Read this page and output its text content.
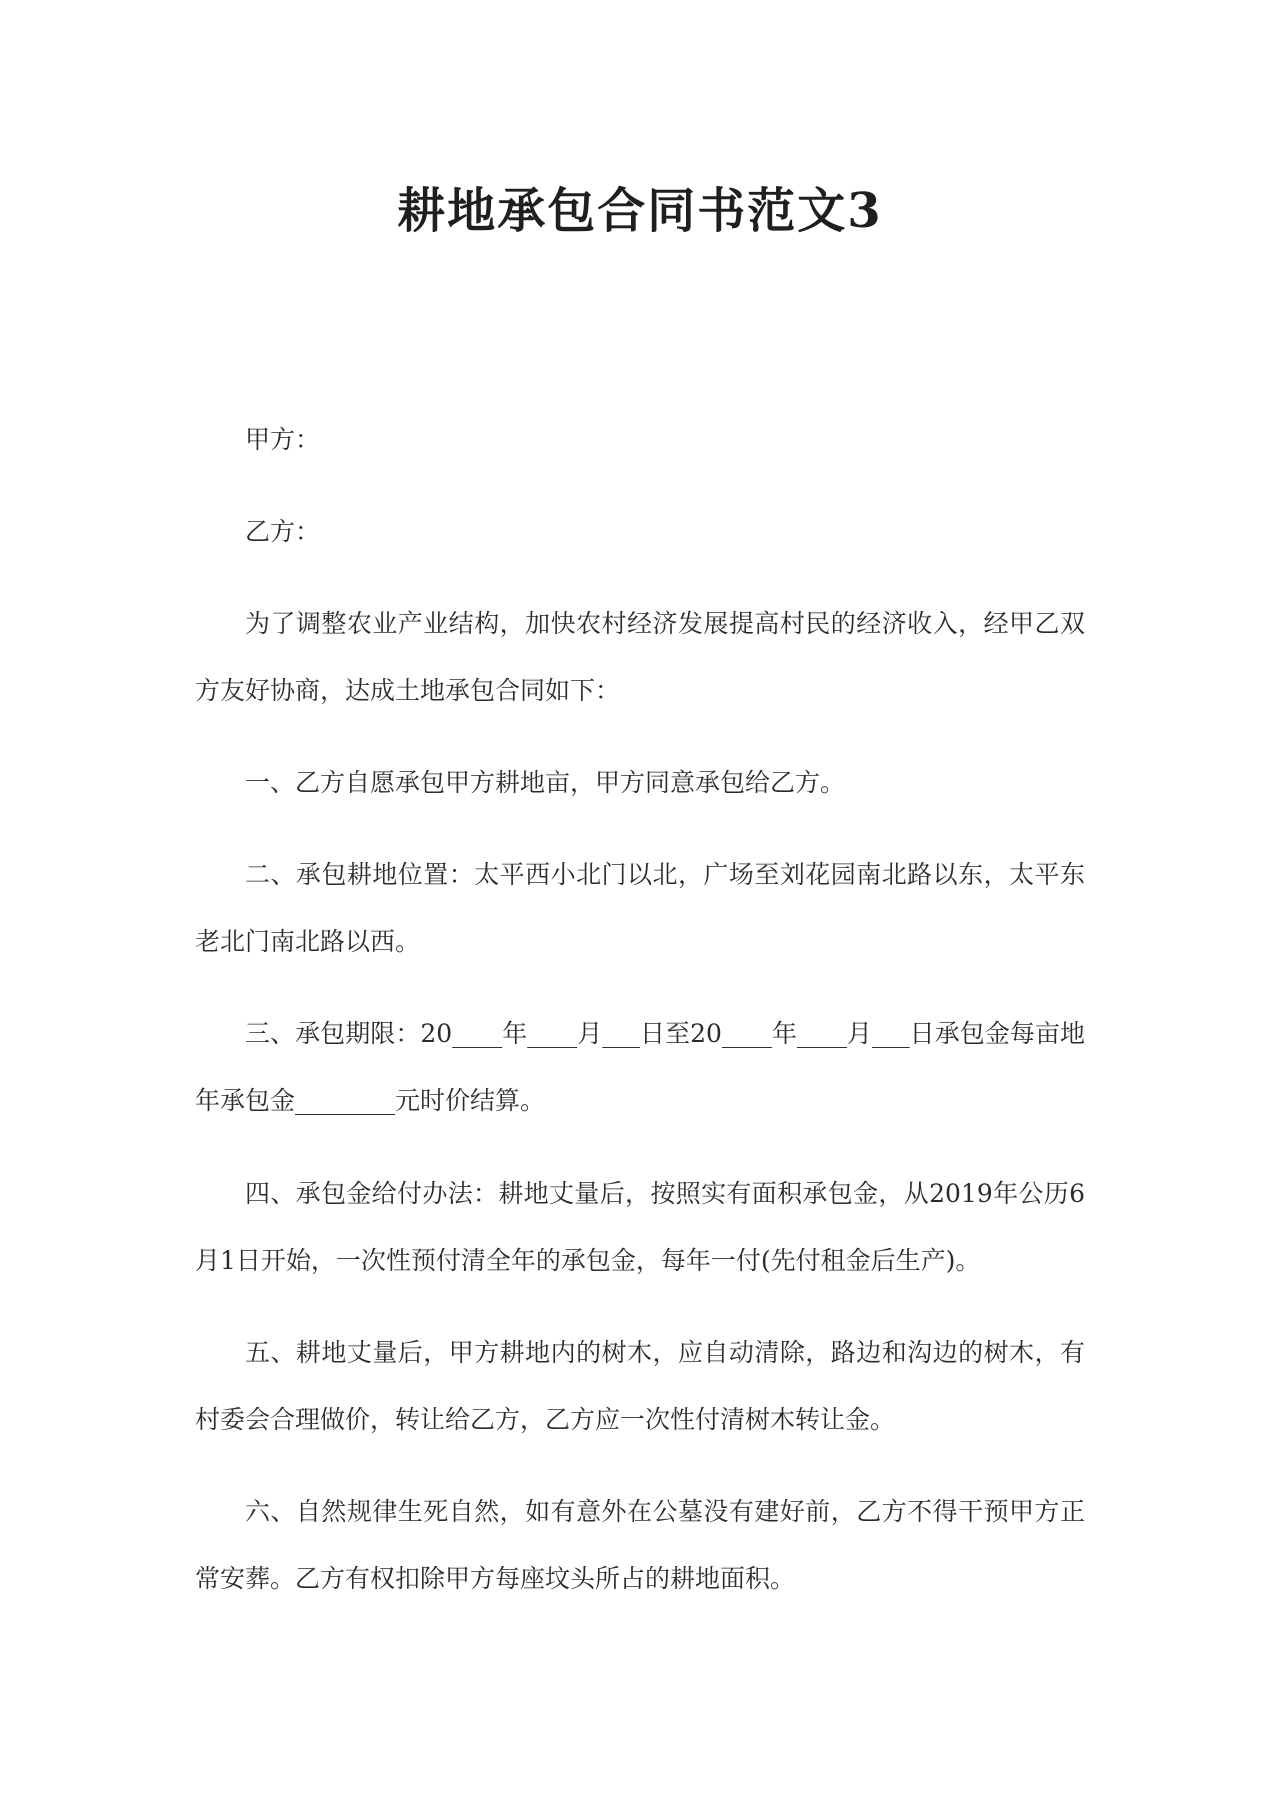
耕地承包合同书范文3

甲方：

乙方：

为了调整农业产业结构，加快农村经济发展提高村民的经济收入，经甲乙双方友好协商，达成土地承包合同如下：

一、乙方自愿承包甲方耕地亩，甲方同意承包给乙方。

二、承包耕地位置：太平西小北门以北，广场至刘花园南北路以东，太平东老北门南北路以西。

三、承包期限：20____年____月___日至20____年____月___日承包金每亩地年承包金________元时价结算。

四、承包金给付办法：耕地丈量后，按照实有面积承包金，从2019年公历6月1日开始，一次性预付清全年的承包金，每年一付(先付租金后生产)。

五、耕地丈量后，甲方耕地内的树木，应自动清除，路边和沟边的树木，有村委会合理做价，转让给乙方，乙方应一次性付清树木转让金。

六、自然规律生死自然，如有意外在公墓没有建好前，乙方不得干预甲方正常安葬。乙方有权扣除甲方每座坟头所占的耕地面积。
